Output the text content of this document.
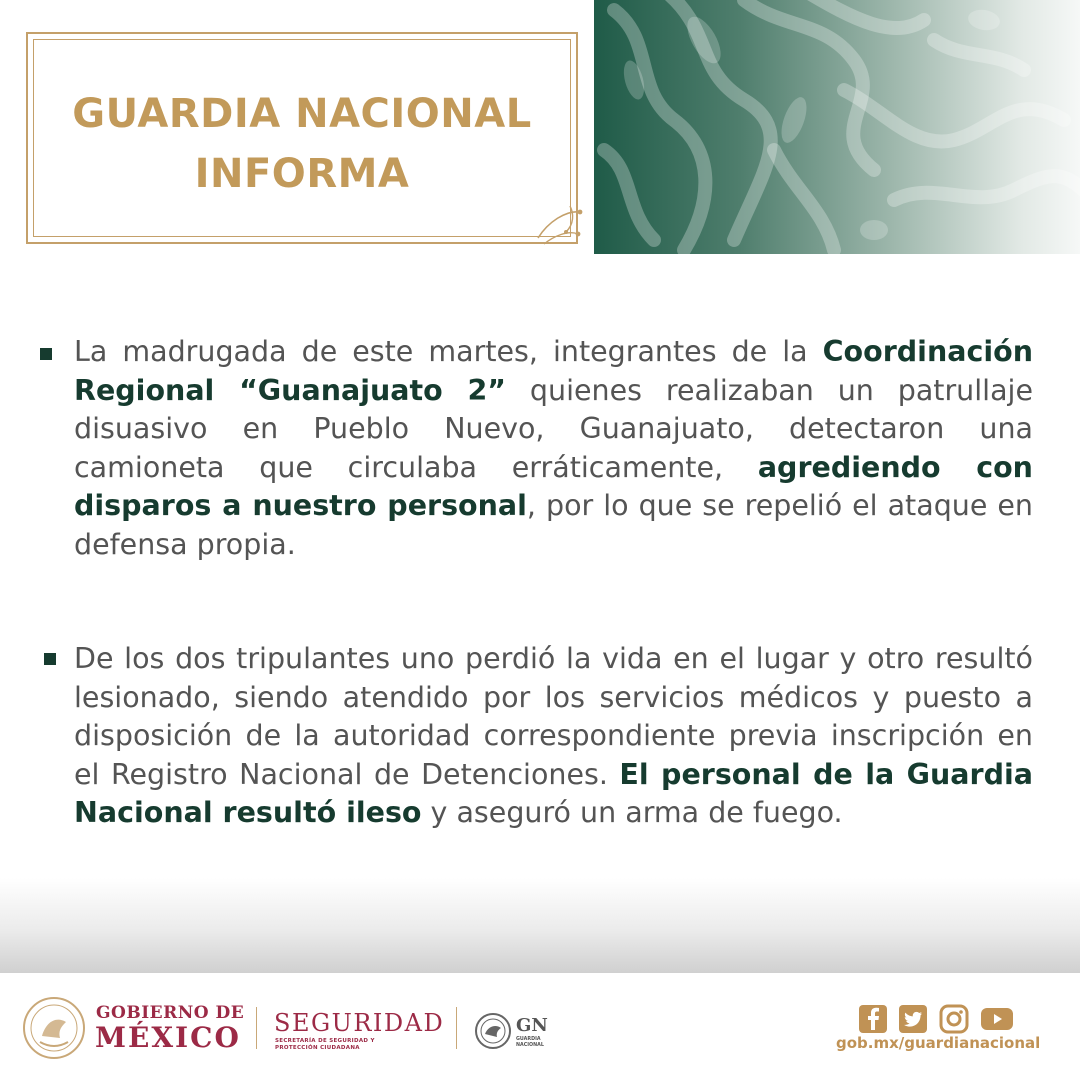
GUARDIA NACIONAL
INFORMA

La madrugada de este martes, integrantes de la Coordinación Regional “Guanajuato 2” quienes realizaban un patrullaje disuasivo en Pueblo Nuevo, Guanajuato, detectaron una camioneta que circulaba erráticamente, agrediendo con disparos a nuestro personal, por lo que se repelió el ataque en defensa propia.

De los dos tripulantes uno perdió la vida en el lugar y otro resultó lesionado, siendo atendido por los servicios médicos y puesto a disposición de la autoridad correspondiente previa inscripción en el Registro Nacional de Detenciones. El personal de la Guardia Nacional resultó ileso y aseguró un arma de fuego.

GOBIERNO DE
MÉXICO SEGURIDAD
SECRETARÍA DE SEGURIDAD Y PROTECCIÓN CIUDADANA
GN
GUARDIA
NACIONAL	gob.mx/guardianacional
